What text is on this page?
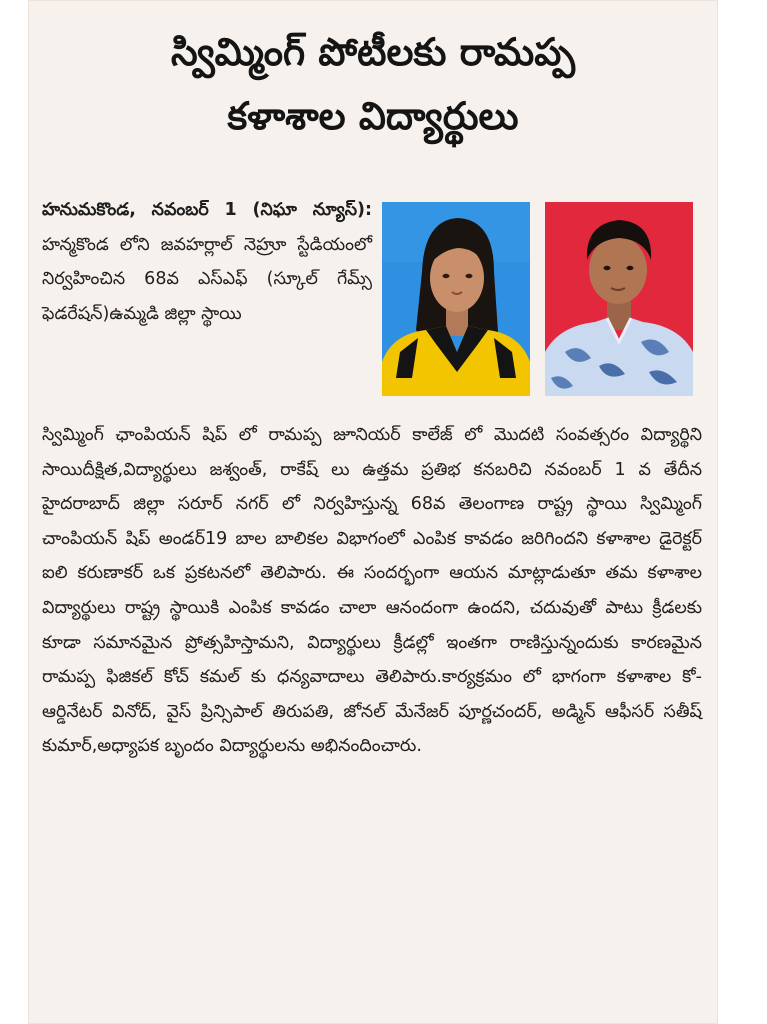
స్విమ్మింగ్ పోటీలకు రామప్ప
కళాశాల విద్యార్థులు
హనుమకొండ, నవంబర్ 1 (నిఘా న్యూస్): హన్మకొండ లోని జవహర్లాల్ నెహ్రూ స్టేడియంలో నిర్వహించిన 68వ ఎస్ఎఫ్ (స్కూల్ గేమ్స్ ఫెడరేషన్)ఉమ్మడి జిల్లా స్థాయి
స్విమ్మింగ్ ఛాంపియన్ షిప్ లో రామప్ప జూనియర్ కాలేజ్ లో మొదటి సంవత్సరం విద్యార్థిని సాయిదీక్షిత,విద్యార్థులు జశ్వంత్, రాకేష్ లు ఉత్తమ ప్రతిభ కనబరిచి నవంబర్ 1 వ తేదీన హైదరాబాద్ జిల్లా సరూర్ నగర్ లో నిర్వహిస్తున్న 68వ తెలంగాణ రాష్ట్ర స్థాయి స్విమ్మింగ్ చాంపియన్ షిప్ అండర్19 బాల బాలికల విభాగంలో ఎంపిక కావడం జరిగిందని కళాశాల డైరెక్టర్ ఐలి కరుణాకర్ ఒక ప్రకటనలో తెలిపారు. ఈ సందర్భంగా ఆయన మాట్లాడుతూ తమ కళాశాల విద్యార్థులు రాష్ట్ర స్థాయికి ఎంపిక కావడం చాలా ఆనందంగా ఉందని, చదువుతో పాటు క్రీడలకు కూడా సమానమైన ప్రోత్సహిస్తామని, విద్యార్థులు క్రీడల్లో ఇంతగా రాణిస్తున్నందుకు కారణమైన రామప్ప ఫిజికల్ కోచ్ కమల్ కు ధన్యవాదాలు తెలిపారు.కార్యక్రమం లో భాగంగా కళాశాల కో-ఆర్డినేటర్ వినోద్, వైస్ ప్రిన్సిపాల్ తిరుపతి, జోనల్ మేనేజర్ పూర్ణచందర్, అడ్మిన్ ఆఫీసర్ సతీష్ కుమార్,అధ్యాపక బృందం విద్యార్థులను అభినందించారు.
